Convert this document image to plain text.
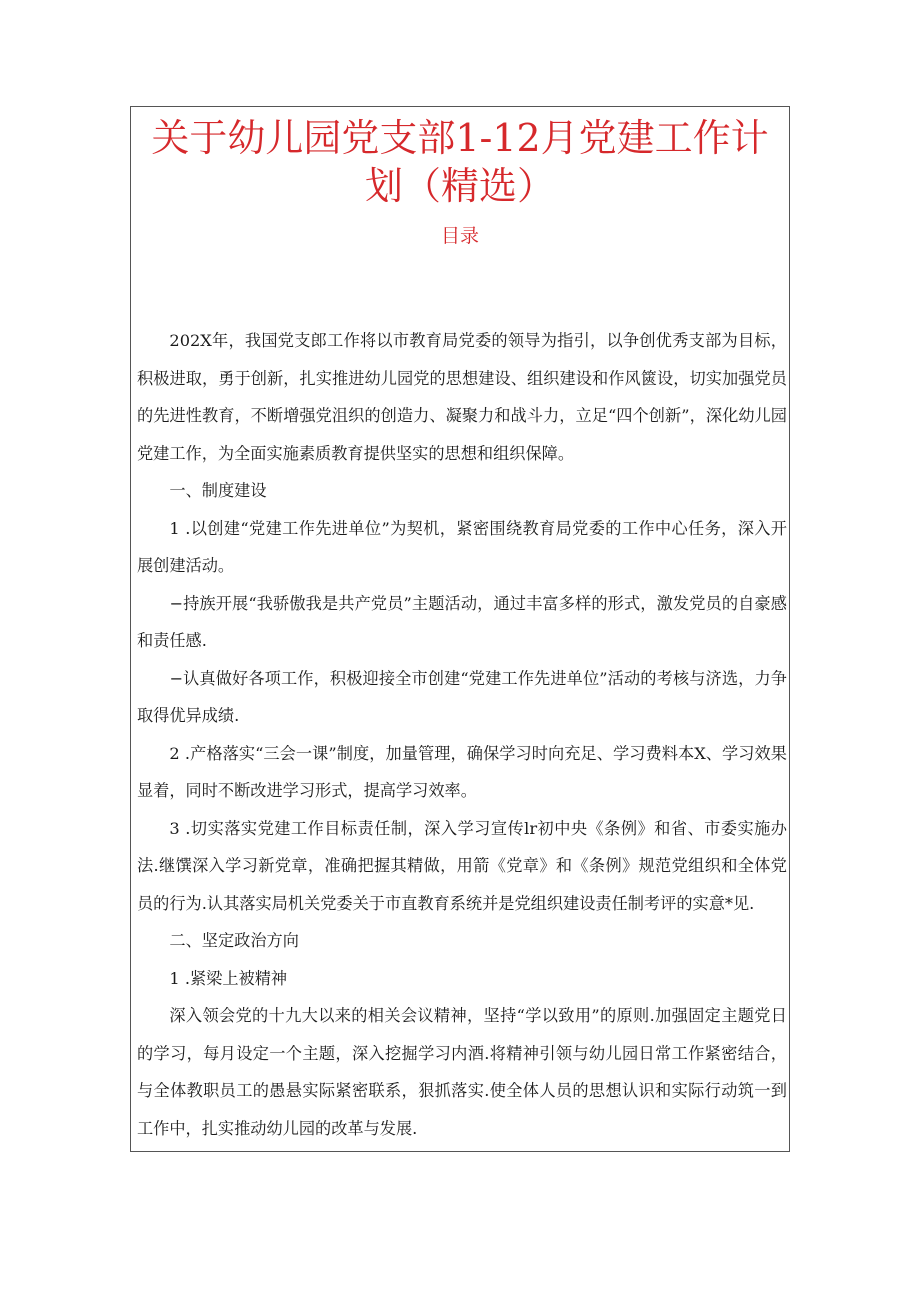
关于幼儿园党支部1-12月党建工作计
划（精选）
目录

202X年，我国党支郎工作将以市教育局党委的领导为指引，以争创优秀支部为目标，积极进取，勇于创新，扎实推进幼儿园党的思想建设、组织建设和作风篋设，切实加强党员的先进性教育，不断增强党沮织的创造力、凝聚力和战斗力，立足“四个创新”，深化幼儿园党建工作，为全面实施素质教育提供坚实的思想和组织保障。

一、制度建设

1 .以创建“党建工作先进单位”为契机，紧密围绕教育局党委的工作中心任务，深入开展创建活动。

−持族开展“我骄傲我是共产党员”主题活动，通过丰富多样的形式，激发党员的自豪感和责任感.

−认真做好各项工作，积极迎接全市创建“党建工作先进单位”活动的考核与济选，力争取得优异成绩.

2 .产格落实“三会一课”制度，加量管理，确保学习时向充足、学习费料本X、学习效果显着，同时不断改进学习形式，提高学习效率。

3 .切实落实党建工作目标责任制，深入学习宣传lr初中央《条例》和省、市委实施办法.继馔深入学习新党章，准确把握其精做，用箭《党章》和《条例》规范党组织和全体党员的行为.认其落实局机关党委关于市直教育系统并是党组织建设责任制考评的实意*见.

二、坚定政治方向

1 .紧梁上被精神

深入领会党的十九大以来的相关会议精神，坚持“学以致用”的原则.加强固定主题党日的学习，每月设定一个主题，深入挖掘学习内酒.将精神引领与幼儿园日常工作紧密结合，与全体教职员工的愚悬实际紧密联系，狠抓落实.使全体人员的思想认识和实际行动筑一到工作中，扎实推动幼儿园的改革与发展.
